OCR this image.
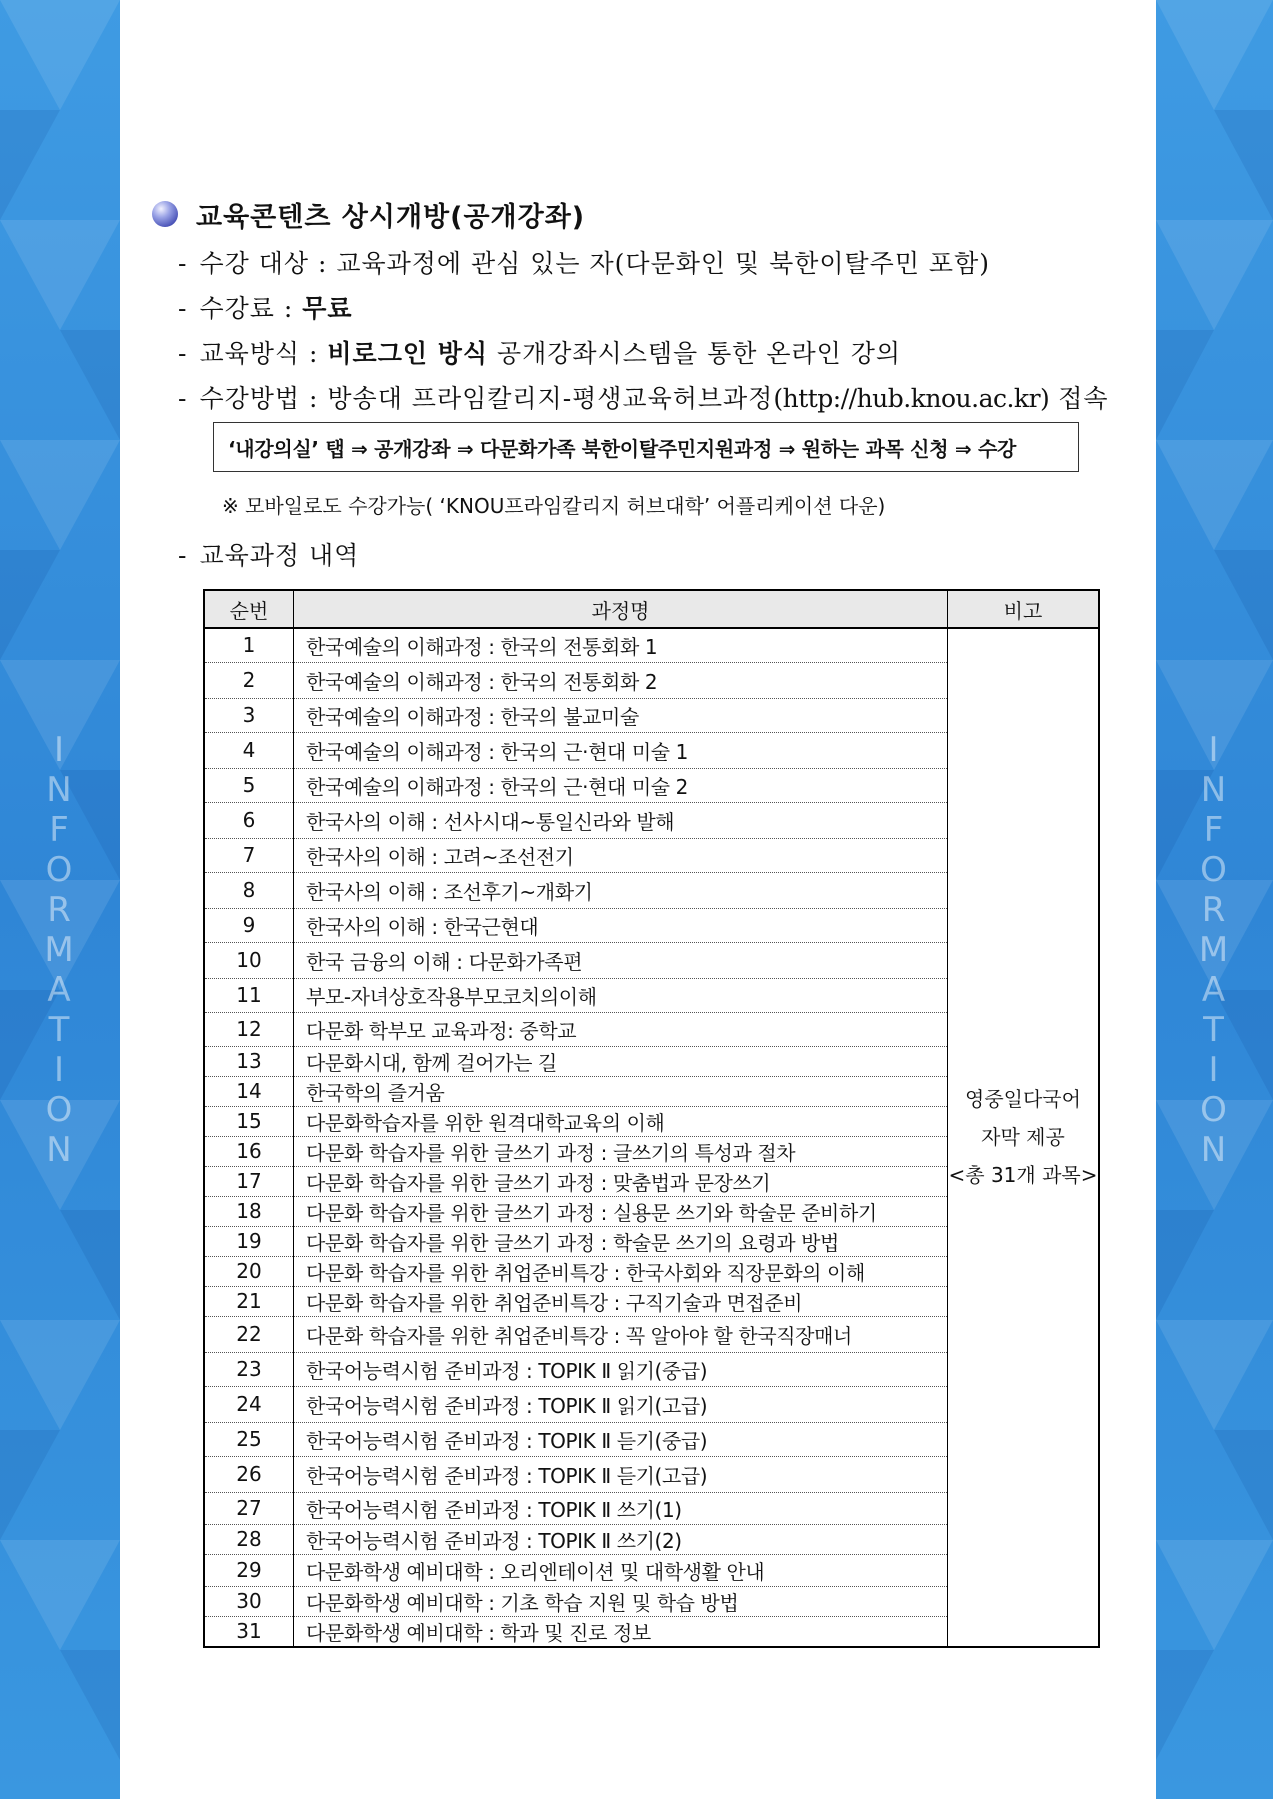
I
N
F
O
R
M
A
T
I
O
N
I
N
F
O
R
M
A
T
I
O
N
교육콘텐츠 상시개방(공개강좌)
- 수강 대상 : 교육과정에 관심 있는 자(다문화인 및 북한이탈주민 포함)
- 수강료 : 무료
- 교육방식 : 비로그인 방식 공개강좌시스템을 통한 온라인 강의
- 수강방법 : 방송대 프라임칼리지-평생교육허브과정(http://hub.knou.ac.kr) 접속
‘내강의실’ 탭 ⇒ 공개강좌 ⇒ 다문화가족 북한이탈주민지원과정 ⇒ 원하는 과목 신청 ⇒ 수강
※ 모바일로도 수강가능( ‘KNOU프라임칼리지 허브대학’ 어플리케이션 다운)
- 교육과정 내역
순번	과정명	비고
1	한국예술의 이해과정 : 한국의 전통회화 1	영중일다국어
자막 제공
<총 31개 과목>

2	한국예술의 이해과정 : 한국의 전통회화 2	
3	한국예술의 이해과정 : 한국의 불교미술	
4	한국예술의 이해과정 : 한국의 근·현대 미술 1	
5	한국예술의 이해과정 : 한국의 근·현대 미술 2	
6	한국사의 이해 : 선사시대~통일신라와 발해	
7	한국사의 이해 : 고려~조선전기	
8	한국사의 이해 : 조선후기~개화기	
9	한국사의 이해 : 한국근현대	
10	한국 금융의 이해 : 다문화가족편	
11	부모-자녀상호작용부모코치의이해	
12	다문화 학부모 교육과정: 중학교	
13	다문화시대, 함께 걸어가는 길	
14	한국학의 즐거움	
15	다문화학습자를 위한 원격대학교육의 이해	
16	다문화 학습자를 위한 글쓰기 과정 : 글쓰기의 특성과 절차	
17	다문화 학습자를 위한 글쓰기 과정 : 맞춤법과 문장쓰기	
18	다문화 학습자를 위한 글쓰기 과정 : 실용문 쓰기와 학술문 준비하기	
19	다문화 학습자를 위한 글쓰기 과정 : 학술문 쓰기의 요령과 방법	
20	다문화 학습자를 위한 취업준비특강 : 한국사회와 직장문화의 이해	
21	다문화 학습자를 위한 취업준비특강 : 구직기술과 면접준비	
22	다문화 학습자를 위한 취업준비특강 : 꼭 알아야 할 한국직장매너	
23	한국어능력시험 준비과정 : TOPIK Ⅱ 읽기(중급)	
24	한국어능력시험 준비과정 : TOPIK Ⅱ 읽기(고급)	
25	한국어능력시험 준비과정 : TOPIK Ⅱ 듣기(중급)	
26	한국어능력시험 준비과정 : TOPIK Ⅱ 듣기(고급)	
27	한국어능력시험 준비과정 : TOPIK Ⅱ 쓰기(1)	
28	한국어능력시험 준비과정 : TOPIK Ⅱ 쓰기(2)	
29	다문화학생 예비대학 : 오리엔테이션 및 대학생활 안내	
30	다문화학생 예비대학 : 기초 학습 지원 및 학습 방법	
31	다문화학생 예비대학 : 학과 및 진로 정보	
